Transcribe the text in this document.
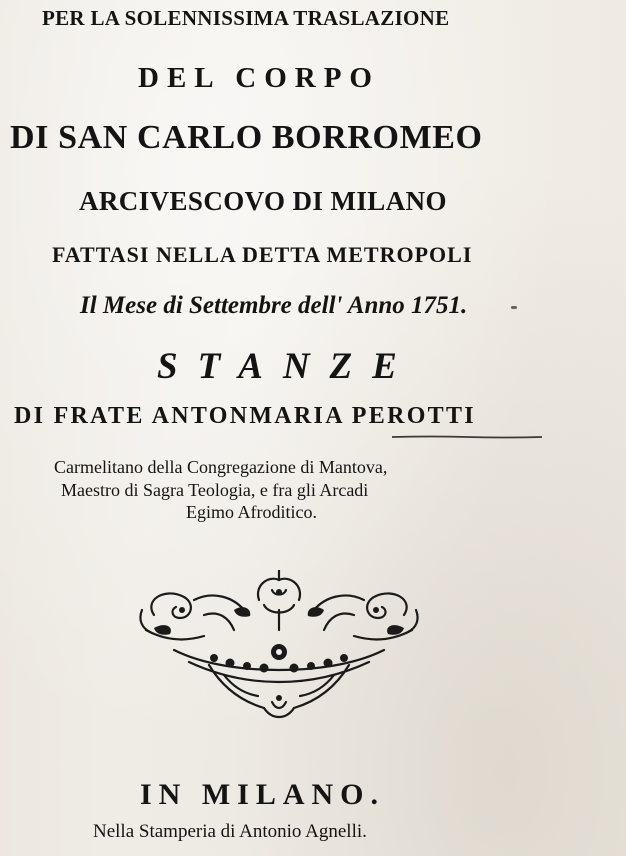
PER LA SOLENNISSIMA TRASLAZIONE

DEL CORPO

DI SAN CARLO BORROMEO

ARCIVESCOVO DI MILANO

FATTASI NELLA DETTA METROPOLI

Il Mese di Settembre dell' Anno 1751.

STANZE

DI FRATE ANTONMARIA PEROTTI

Carmelitano della Congregazione di Mantova,

Maestro di Sagra Teologia, e fra gli Arcadi

Egimo Afroditico.

IN MILANO.

Nella Stamperia di Antonio Agnelli.
